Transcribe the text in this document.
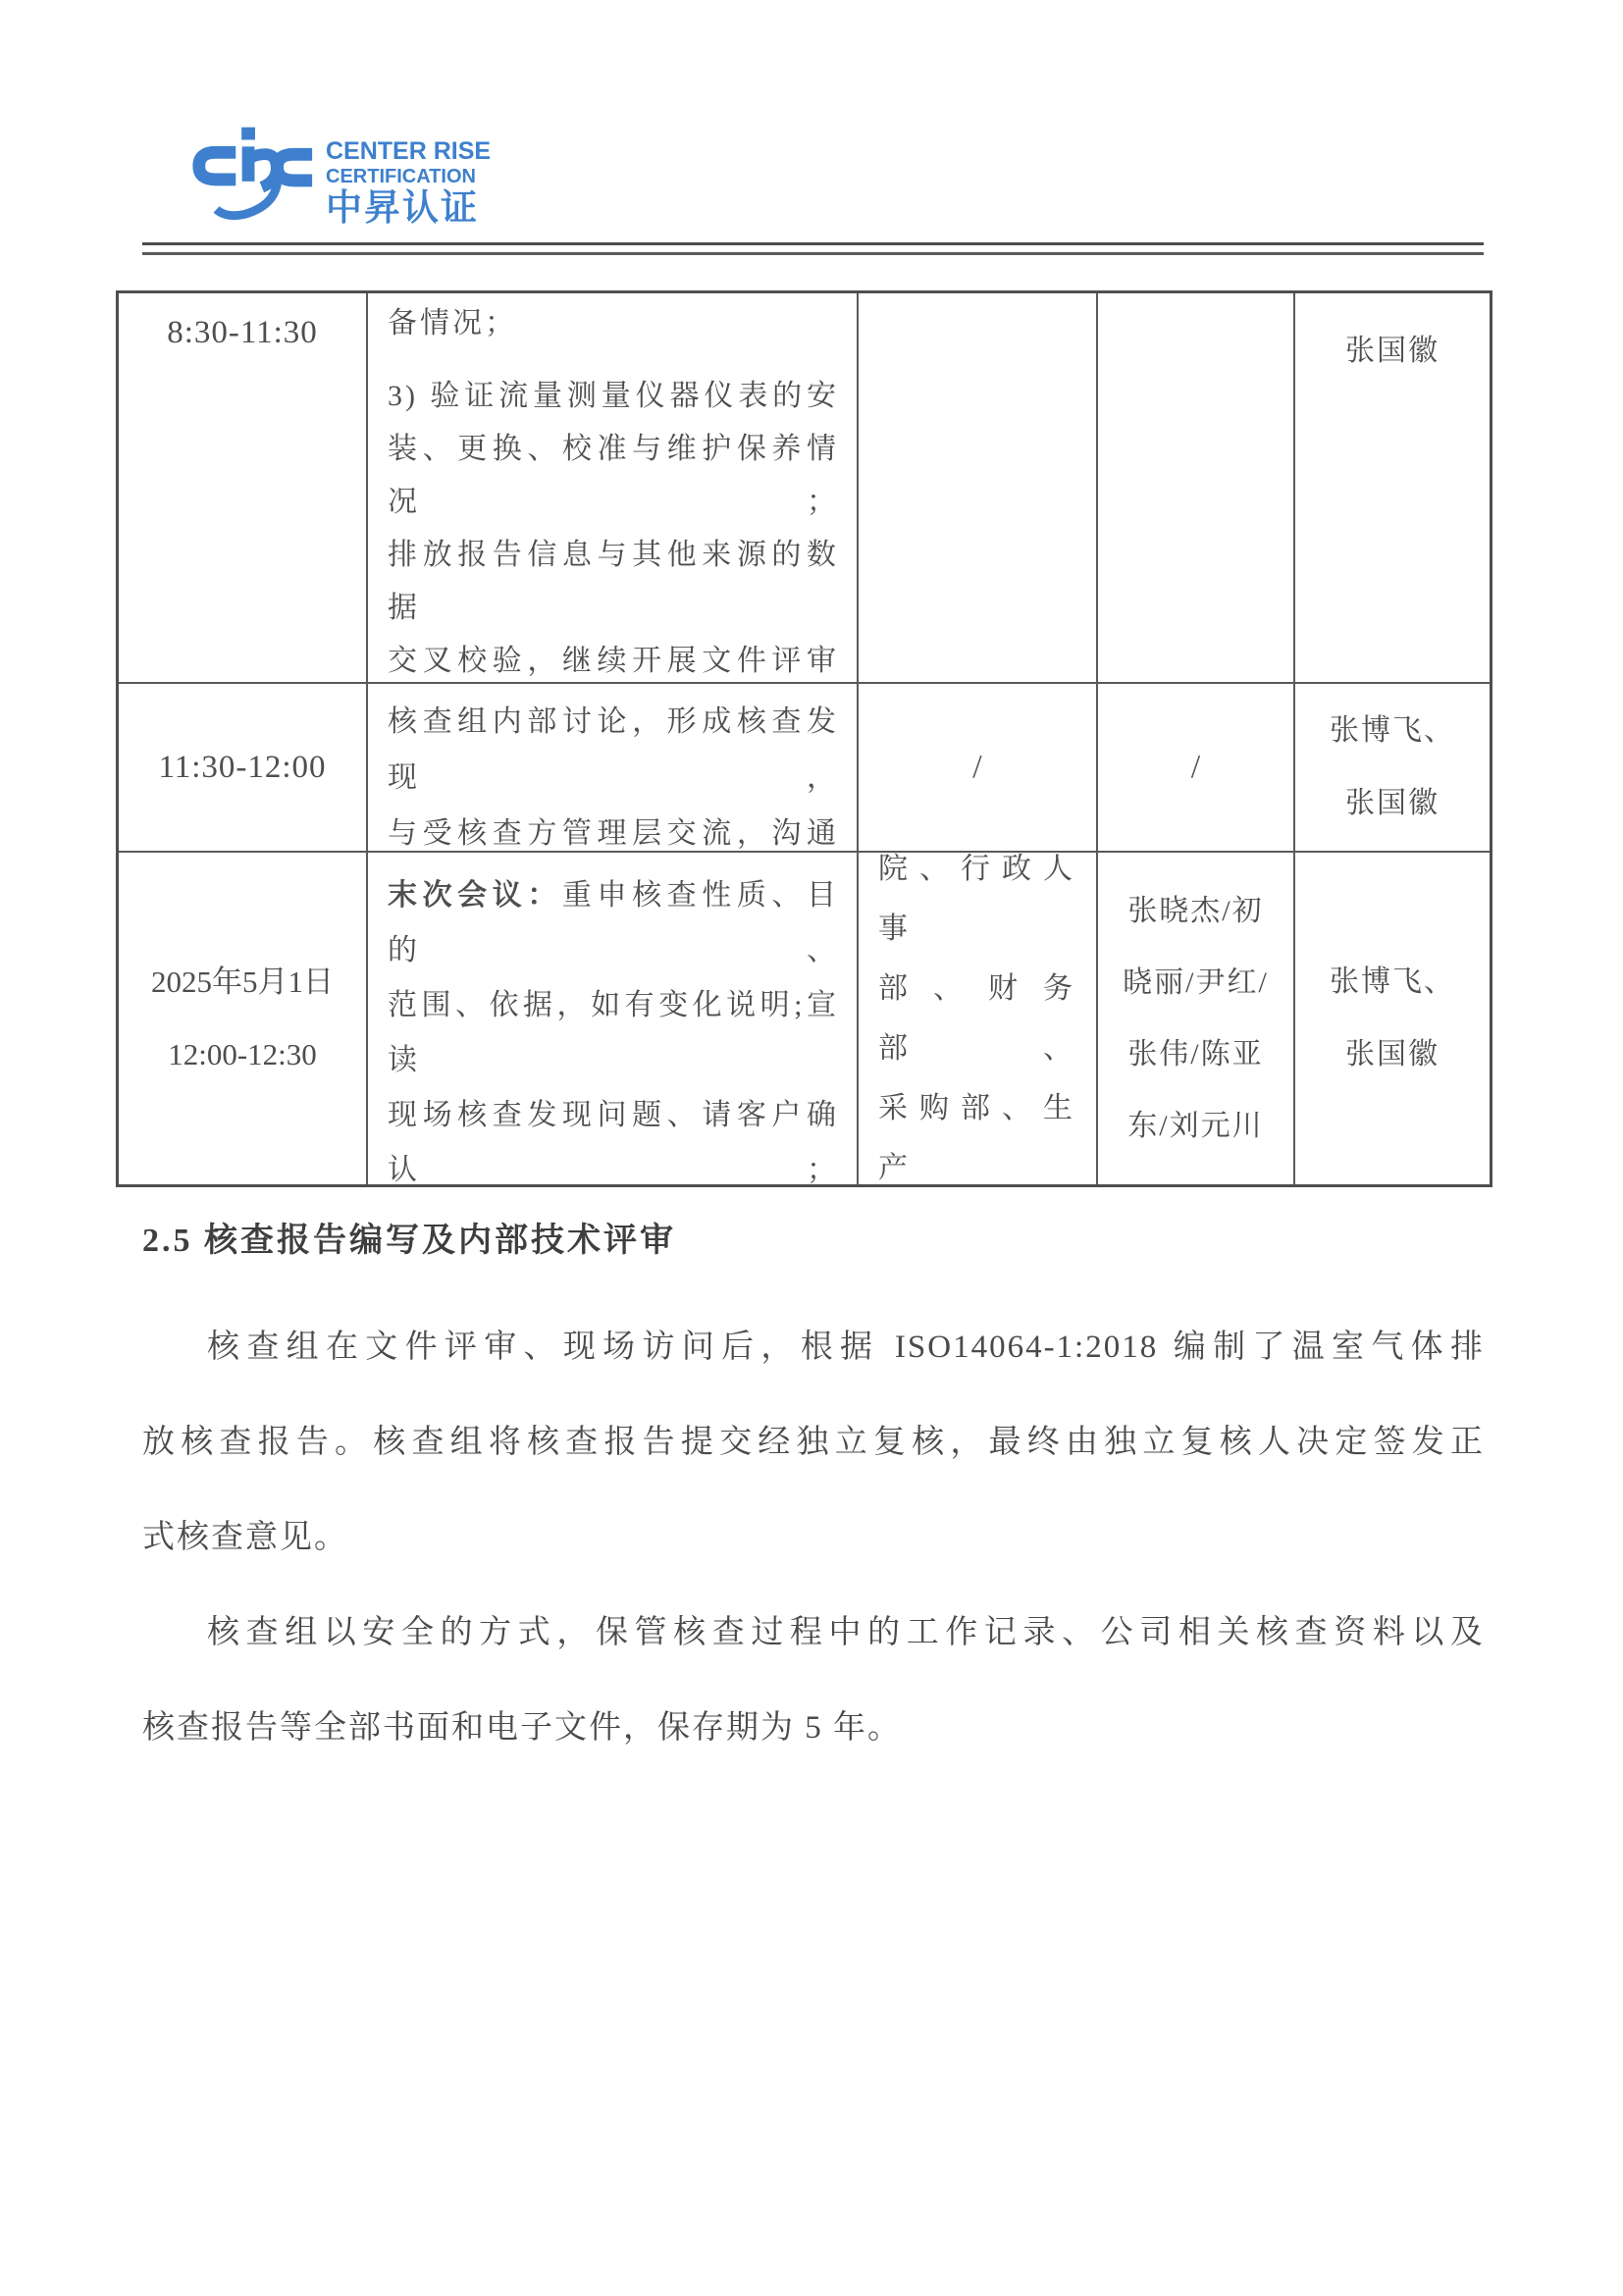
CENTER RISE
CERTIFICATION
中昇认证
8:30-11:30 备情况；
3) 验证流量测量仪器仪表的安
装、更换、校准与维护保养情况；
排放报告信息与其他来源的数据
交叉校验，继续开展文件评审
张国徽
11:30-12:00
核查组内部讨论，形成核查发现，
与受核查方管理层交流，沟通
/	/
张博飞、
张国徽
2025年5月1日
12:00-12:30
末次会议：重申核查性质、目的、
范围、依据，如有变化说明;宣读
现场核查发现问题、请客户确认；
院、行政人事
部、财务部、
采购部、生产
张晓杰/初
晓丽/尹红/
张伟/陈亚
东/刘元川
张博飞、
张国徽
2.5 核查报告编写及内部技术评审
核查组在文件评审、现场访问后，根据 ISO14064-1:2018 编制了温室气体排
放核查报告。核查组将核查报告提交经独立复核，最终由独立复核人决定签发正
式核查意见。
核查组以安全的方式，保管核查过程中的工作记录、公司相关核查资料以及
核查报告等全部书面和电子文件，保存期为 5 年。
